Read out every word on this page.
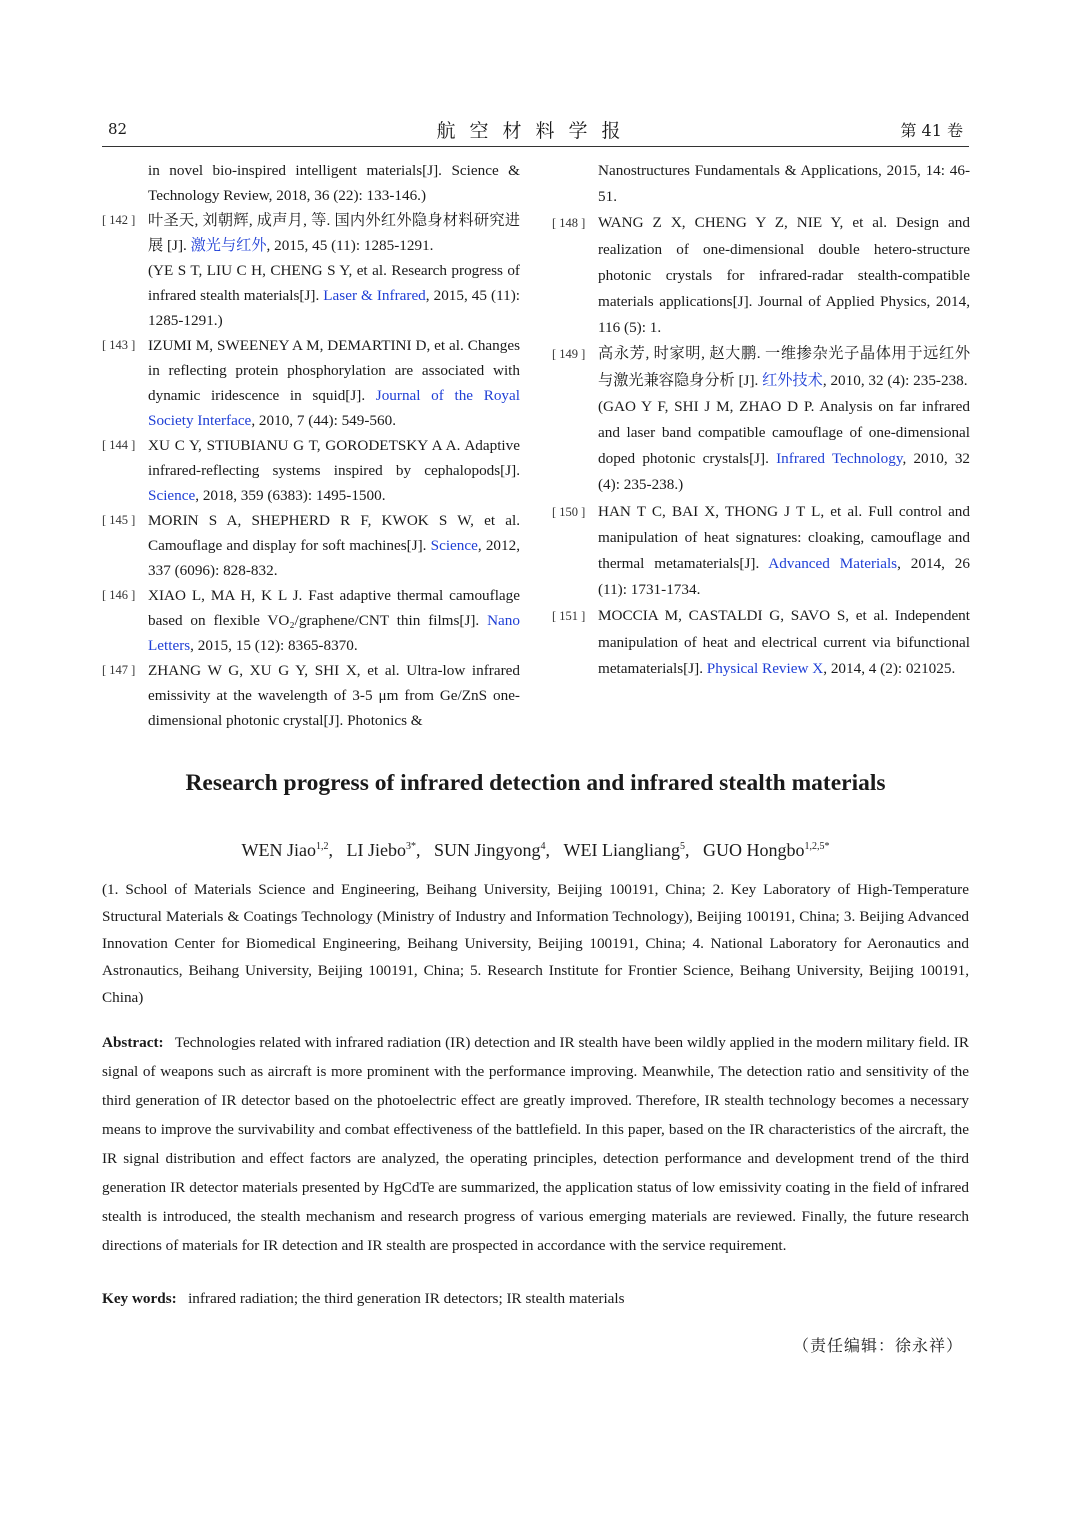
82	航空材料学报	第 41 卷
in novel bio-inspired intelligent materials[J]. Science & Technology Review, 2018, 36 (22): 133-146.)
[ 142 ] 叶圣天, 刘朝辉, 成声月, 等. 国内外红外隐身材料研究进展 [J]. 激光与红外, 2015, 45 (11): 1285-1291.
(YE S T, LIU C H, CHENG S Y, et al. Research progress of infrared stealth materials[J]. Laser & Infrared, 2015, 45 (11): 1285-1291.)
[ 143 ] IZUMI M, SWEENEY A M, DEMARTINI D, et al. Changes in reflecting protein phosphorylation are associated with dynamic iridescence in squid[J]. Journal of the Royal Society Interface, 2010, 7 (44): 549-560.
[ 144 ] XU C Y, STIUBIANU G T, GORODETSKY A A. Adaptive infrared-reflecting systems inspired by cephalopods[J]. Science, 2018, 359 (6383): 1495-1500.
[ 145 ] MORIN S A, SHEPHERD R F, KWOK S W, et al. Camouflage and display for soft machines[J]. Science, 2012, 337 (6096): 828-832.
[ 146 ] XIAO L, MA H, K L J. Fast adaptive thermal camouflage based on flexible VO₂/graphene/CNT thin films[J]. Nano Letters, 2015, 15 (12): 8365-8370.
[ 147 ] ZHANG W G, XU G Y, SHI X, et al. Ultra-low infrared emissivity at the wavelength of 3-5 μm from Ge/ZnS one-dimensional photonic crystal[J]. Photonics &
Nanostructures Fundamentals & Applications, 2015, 14: 46-51.
[ 148 ] WANG Z X, CHENG Y Z, NIE Y, et al. Design and realization of one-dimensional double hetero-structure photonic crystals for infrared-radar stealth-compatible materials applications[J]. Journal of Applied Physics, 2014, 116 (5): 1.
[ 149 ] 高永芳, 时家明, 赵大鹏. 一维掺杂光子晶体用于远红外与激光兼容隐身分析 [J]. 红外技术, 2010, 32 (4): 235-238.
(GAO Y F, SHI J M, ZHAO D P. Analysis on far infrared and laser band compatible camouflage of one-dimensional doped photonic crystals[J]. Infrared Technology, 2010, 32 (4): 235-238.)
[ 150 ] HAN T C, BAI X, THONG J T L, et al. Full control and manipulation of heat signatures: cloaking, camouflage and thermal metamaterials[J]. Advanced Materials, 2014, 26 (11): 1731-1734.
[ 151 ] MOCCIA M, CASTALDI G, SAVO S, et al. Independent manipulation of heat and electrical current via bifunctional metamaterials[J]. Physical Review X, 2014, 4 (2): 021025.
Research progress of infrared detection and infrared stealth materials
WEN Jiao$^{1,2}$,   LI Jiebo$^{3*}$,   SUN Jingyong$^4$,   WEI Liangliang$^5$,   GUO Hongbo$^{1,2,5*}$
(1. School of Materials Science and Engineering, Beihang University, Beijing 100191, China; 2. Key Laboratory of High-Temperature Structural Materials & Coatings Technology (Ministry of Industry and Information Technology), Beijing 100191, China; 3. Beijing Advanced Innovation Center for Biomedical Engineering, Beihang University, Beijing 100191, China; 4. National Laboratory for Aeronautics and Astronautics, Beihang University, Beijing 100191, China; 5. Research Institute for Frontier Science, Beihang University, Beijing 100191, China)
Abstract: Technologies related with infrared radiation (IR) detection and IR stealth have been wildly applied in the modern military field. IR signal of weapons such as aircraft is more prominent with the performance improving. Meanwhile, The detection ratio and sensitivity of the third generation of IR detector based on the photoelectric effect are greatly improved. Therefore, IR stealth technology becomes a necessary means to improve the survivability and combat effectiveness of the battlefield. In this paper, based on the IR characteristics of the aircraft, the IR signal distribution and effect factors are analyzed, the operating principles, detection performance and development trend of the third generation IR detector materials presented by HgCdTe are summarized, the application status of low emissivity coating in the field of infrared stealth is introduced, the stealth mechanism and research progress of various emerging materials are reviewed. Finally, the future research directions of materials for IR detection and IR stealth are prospected in accordance with the service requirement.
Key words: infrared radiation; the third generation IR detectors; IR stealth materials
（责任编辑：徐永祥）
